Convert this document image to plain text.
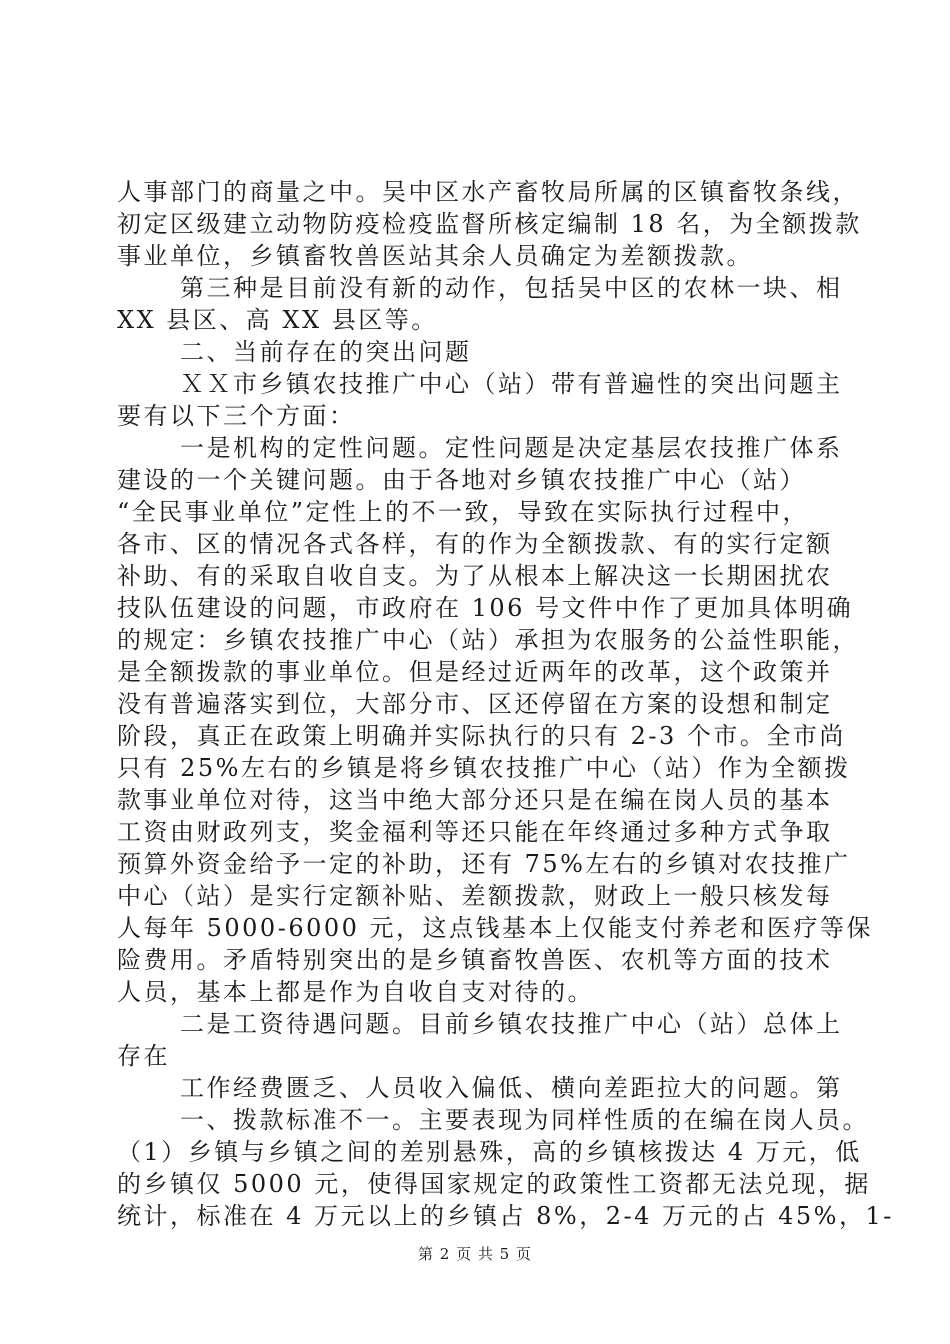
人事部门的商量之中。吴中区水产畜牧局所属的区镇畜牧条线，
初定区级建立动物防疫检疫监督所核定编制 18 名，为全额拨款
事业单位，乡镇畜牧兽医站其余人员确定为差额拨款。
第三种是目前没有新的动作，包括吴中区的农林一块、相
XX 县区、高 XX 县区等。
二、当前存在的突出问题
ＸＸ市乡镇农技推广中心（站）带有普遍性的突出问题主
要有以下三个方面：
一是机构的定性问题。定性问题是决定基层农技推广体系
建设的一个关键问题。由于各地对乡镇农技推广中心（站）
“全民事业单位”定性上的不一致，导致在实际执行过程中，
各市、区的情况各式各样，有的作为全额拨款、有的实行定额
补助、有的采取自收自支。为了从根本上解决这一长期困扰农
技队伍建设的问题，市政府在 106 号文件中作了更加具体明确
的规定：乡镇农技推广中心（站）承担为农服务的公益性职能，
是全额拨款的事业单位。但是经过近两年的改革，这个政策并
没有普遍落实到位，大部分市、区还停留在方案的设想和制定
阶段，真正在政策上明确并实际执行的只有 2-3 个市。全市尚
只有 25%左右的乡镇是将乡镇农技推广中心（站）作为全额拨
款事业单位对待，这当中绝大部分还只是在编在岗人员的基本
工资由财政列支，奖金福利等还只能在年终通过多种方式争取
预算外资金给予一定的补助，还有 75%左右的乡镇对农技推广
中心（站）是实行定额补贴、差额拨款，财政上一般只核发每
人每年 5000-6000 元，这点钱基本上仅能支付养老和医疗等保
险费用。矛盾特别突出的是乡镇畜牧兽医、农机等方面的技术
人员，基本上都是作为自收自支对待的。
二是工资待遇问题。目前乡镇农技推广中心（站）总体上
存在
工作经费匮乏、人员收入偏低、横向差距拉大的问题。第
一、拨款标准不一。主要表现为同样性质的在编在岗人员。
（1）乡镇与乡镇之间的差别悬殊，高的乡镇核拨达 4 万元，低
的乡镇仅 5000 元，使得国家规定的政策性工资都无法兑现，据
统计，标准在 4 万元以上的乡镇占 8%，2-4 万元的占 45%，1-
第 2 页 共 5 页
